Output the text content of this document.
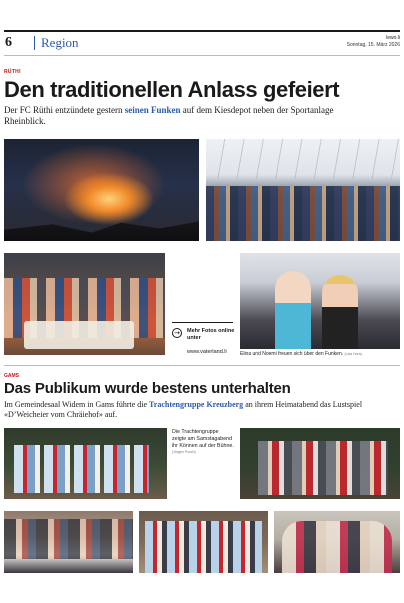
6 Region	lewo.li
Sonntag, 15. März 2026
RÜTHI
Den traditionellen Anlass gefeiert

Der FC Rüthi entzündete gestern seinen Funken auf dem Kiesdepot neben der Sportanlage Rheinblick.

→	Mehr Fotos online unter
www.vaterland.li	Elina und Noemi freuen sich über den Funken. (Lisa Hora)
GAMS
Das Publikum wurde bestens unterhalten

Im Gemeindesaal Widem in Gams führte die Trachtengruppe Kreuzberg an ihrem Heimatabend das Lustspiel «D’Weicheier vom Chräiehof» auf.

Die Trachtengruppe zeigte am Samstagabend ihr Können auf der Bühne. (Jürgen Posch)
